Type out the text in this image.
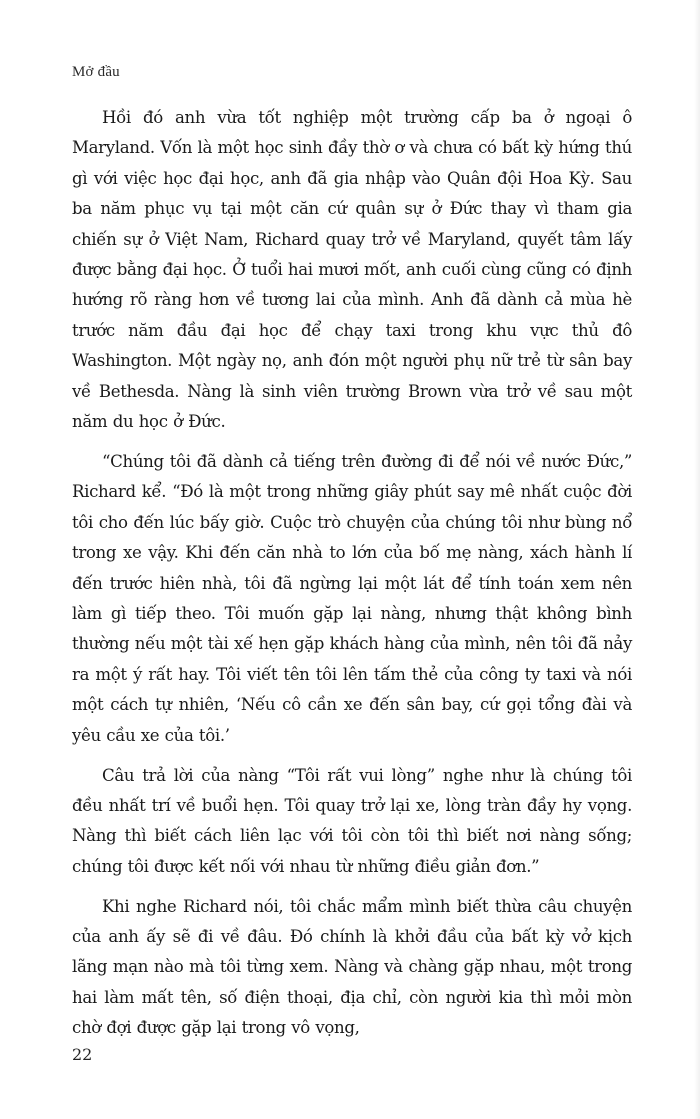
Mở đầu

Hồi đó anh vừa tốt nghiệp một trường cấp ba ở ngoại ô Maryland. Vốn là một học sinh đầy thờ ơ và chưa có bất kỳ hứng thú gì với việc học đại học, anh đã gia nhập vào Quân đội Hoa Kỳ. Sau ba năm phục vụ tại một căn cứ quân sự ở Đức thay vì tham gia chiến sự ở Việt Nam, Richard quay trở về Maryland, quyết tâm lấy được bằng đại học. Ở tuổi hai mươi mốt, anh cuối cùng cũng có định hướng rõ ràng hơn về tương lai của mình. Anh đã dành cả mùa hè trước năm đầu đại học để chạy taxi trong khu vực thủ đô Washington. Một ngày nọ, anh đón một người phụ nữ trẻ từ sân bay về Bethesda. Nàng là sinh viên trường Brown vừa trở về sau một năm du học ở Đức.

“Chúng tôi đã dành cả tiếng trên đường đi để nói về nước Đức,” Richard kể. “Đó là một trong những giây phút say mê nhất cuộc đời tôi cho đến lúc bấy giờ. Cuộc trò chuyện của chúng tôi như bùng nổ trong xe vậy. Khi đến căn nhà to lớn của bố mẹ nàng, xách hành lí đến trước hiên nhà, tôi đã ngừng lại một lát để tính toán xem nên làm gì tiếp theo. Tôi muốn gặp lại nàng, nhưng thật không bình thường nếu một tài xế hẹn gặp khách hàng của mình, nên tôi đã nảy ra một ý rất hay. Tôi viết tên tôi lên tấm thẻ của công ty taxi và nói một cách tự nhiên, ‘Nếu cô cần xe đến sân bay, cứ gọi tổng đài và yêu cầu xe của tôi.’

Câu trả lời của nàng “Tôi rất vui lòng” nghe như là chúng tôi đều nhất trí về buổi hẹn. Tôi quay trở lại xe, lòng tràn đầy hy vọng. Nàng thì biết cách liên lạc với tôi còn tôi thì biết nơi nàng sống; chúng tôi được kết nối với nhau từ những điều giản đơn.”

Khi nghe Richard nói, tôi chắc mẩm mình biết thừa câu chuyện của anh ấy sẽ đi về đâu. Đó chính là khởi đầu của bất kỳ vở kịch lãng mạn nào mà tôi từng xem. Nàng và chàng gặp nhau, một trong hai làm mất tên, số điện thoại, địa chỉ, còn người kia thì mỏi mòn chờ đợi được gặp lại trong vô vọng,

22
